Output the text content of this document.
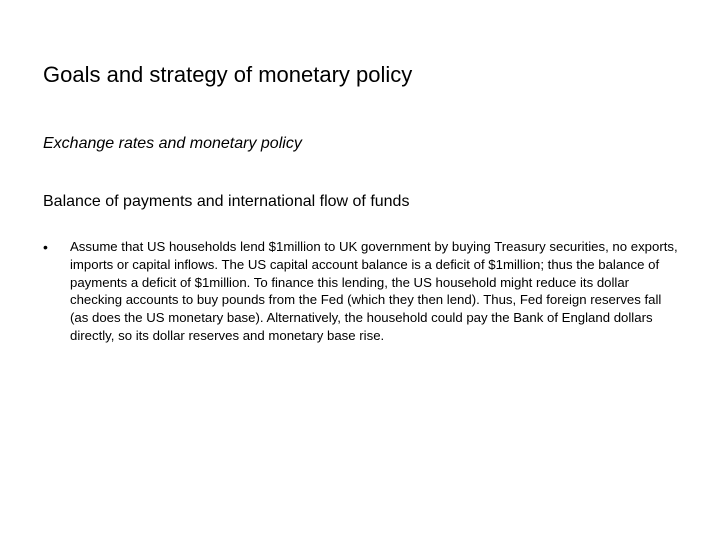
Goals and strategy of monetary policy
Exchange rates and monetary policy
Balance of payments and international flow of funds
•	Assume that US households lend $1million to UK government by buying Treasury securities, no exports, imports or capital inflows. The US capital account balance is a deficit of $1million; thus the balance of payments a deficit of $1million. To finance this lending, the US household might reduce its dollar checking accounts to buy pounds from the Fed (which they then lend). Thus, Fed foreign reserves fall (as does the US monetary base). Alternatively, the household could pay the Bank of England dollars directly, so its dollar reserves and monetary base rise.
